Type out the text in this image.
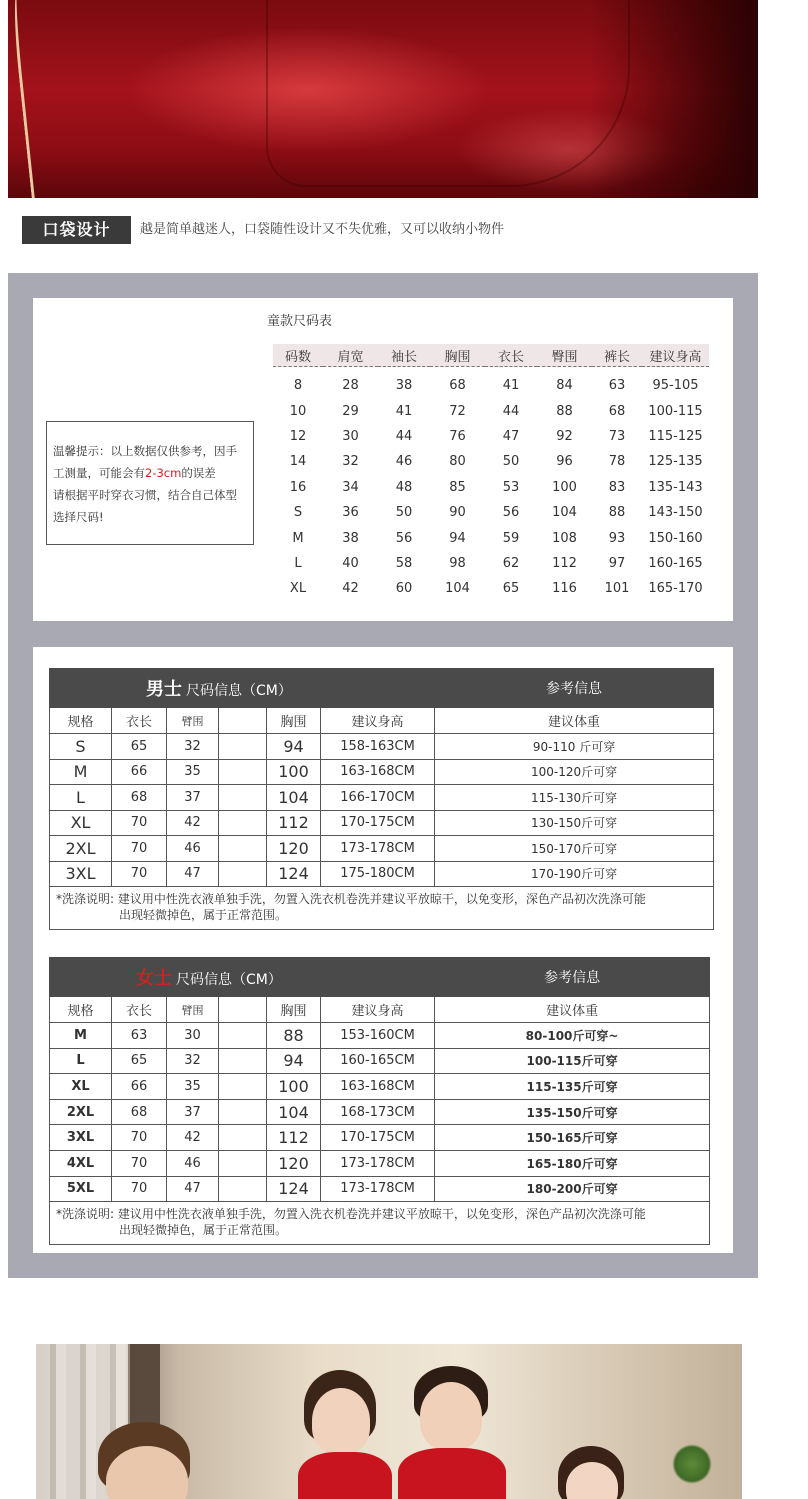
口袋设计	越是简单越迷人，口袋随性设计又不失优雅，又可以收纳小物件
童款尺码表
温馨提示：以上数据仅供参考，因手
工测量，可能会有2-3cm的误差
请根据平时穿衣习惯，结合自己体型
选择尺码!
码数	肩宽	袖长	胸围	衣长	臀围	裤长	建议身高
8	28	38	68	41	84	63	95-105
10	29	41	72	44	88	68	100-115
12	30	44	76	47	92	73	115-125
14	32	46	80	50	96	78	125-135
16	34	48	85	53	100	83	135-143
S	36	50	90	56	104	88	143-150
M	38	56	94	59	108	93	150-160
L	40	58	98	62	112	97	160-165
XL	42	60	104	65	116	101	165-170
男士 尺码信息（CM）						参考信息
规格	衣长	臂围		胸围	建议身高	建议体重
S	65	32		94	158-163CM	90-110 斤可穿
M	66	35		100	163-168CM	100-120斤可穿
L	68	37		104	166-170CM	115-130斤可穿
XL	70	42		112	170-175CM	130-150斤可穿
2XL	70	46		120	173-178CM	150-170斤可穿
3XL	70	47		124	175-180CM	170-190斤可穿

*洗涤说明: 建议用中性洗衣液单独手洗，勿置入洗衣机卷洗并建议平放晾干，以免变形，深色产品初次洗涤可能
出现轻微掉色，属于正常范围。						
女士 尺码信息（CM）						参考信息
规格	衣长	臂围		胸围	建议身高	建议体重
M	63	30		88	153-160CM	80-100斤可穿~
L	65	32		94	160-165CM	100-115斤可穿
XL	66	35		100	163-168CM	115-135斤可穿
2XL	68	37		104	168-173CM	135-150斤可穿
3XL	70	42		112	170-175CM	150-165斤可穿
4XL	70	46		120	173-178CM	165-180斤可穿
5XL	70	47		124	173-178CM	180-200斤可穿

*洗涤说明: 建议用中性洗衣液单独手洗，勿置入洗衣机卷洗并建议平放晾干，以免变形，深色产品初次洗涤可能
出现轻微掉色，属于正常范围。						
